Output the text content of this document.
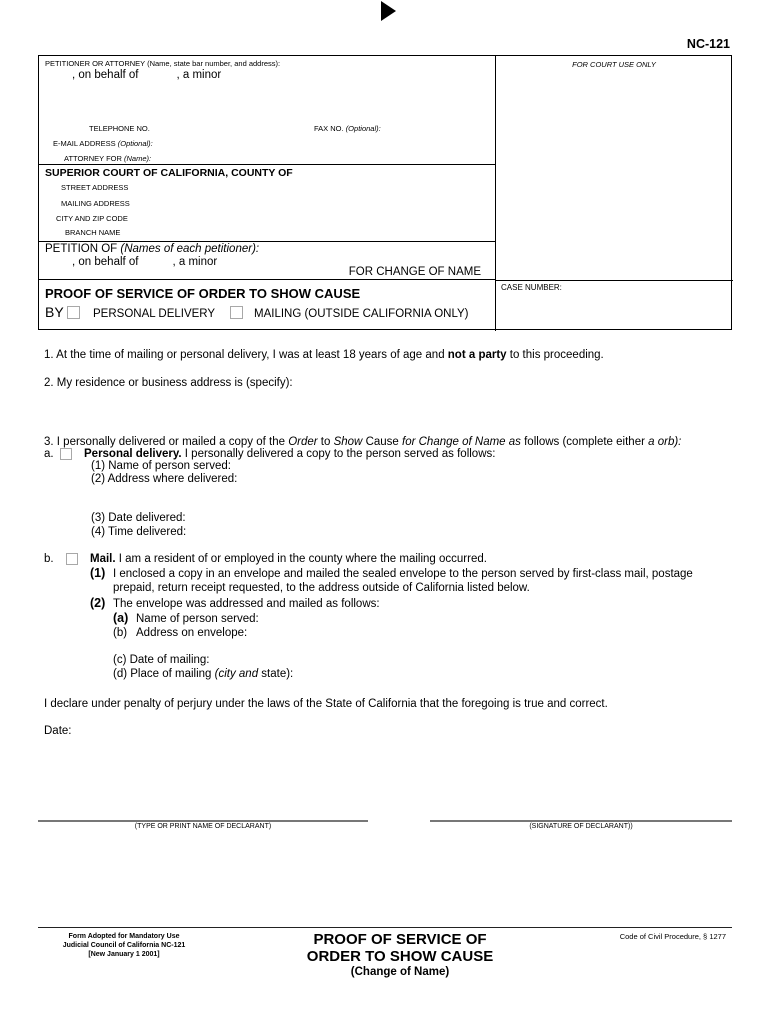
NC-121
PETITIONER OR ATTORNEY (Name, state bar number, and address):
, on behalf of	, a minor
TELEPHONE NO.	FAX NO. (Optional):
E-MAIL ADDRESS (Optional):
ATTORNEY FOR (Name):
SUPERIOR COURT OF CALIFORNIA, COUNTY OF
STREET ADDRESS
MAILING ADDRESS
CITY AND ZIP CODE
BRANCH NAME
PETITION OF (Names of each petitioner):
, on behalf of	, a minor
FOR CHANGE OF NAME
PROOF OF SERVICE OF ORDER TO SHOW CAUSE
BY	PERSONAL DELIVERY	MAILING (OUTSIDE CALIFORNIA ONLY)
FOR COURT USE ONLY
CASE NUMBER:
1. At the time of mailing or personal delivery, I was at least 18 years of age and not a party to this proceeding.
2. My residence or business address is (specify):
3. I personally delivered or mailed a copy of the Order to Show Cause for Change of Name as follows (complete either a orb):
a.	Personal delivery. I personally delivered a copy to the person served as follows:
(1) Name of person served:
(2) Address where delivered:
(3) Date delivered:
(4) Time delivered:
b.	Mail. I am a resident of or employed in the county where the mailing occurred.
(1) I enclosed a copy in an envelope and mailed the sealed envelope to the person served by first-class mail, postage
prepaid, return receipt requested, to the address outside of California listed below.
(2) The envelope was addressed and mailed as follows:
(a) Name of person served:
(b) Address on envelope:
(c) Date of mailing:
(d) Place of mailing (city and state):
I declare under penalty of perjury under the laws of the State of California that the foregoing is true and correct.
Date:
(TYPE OR PRINT NAME OF DECLARANT)	(SIGNATURE OF DECLARANT))
Form Adopted for Mandatory Use
Judicial Council of California NC-121
[New January 1 2001]
PROOF OF SERVICE OF
ORDER TO SHOW CAUSE
(Change of Name)
Code of Civil Procedure, § 1277
